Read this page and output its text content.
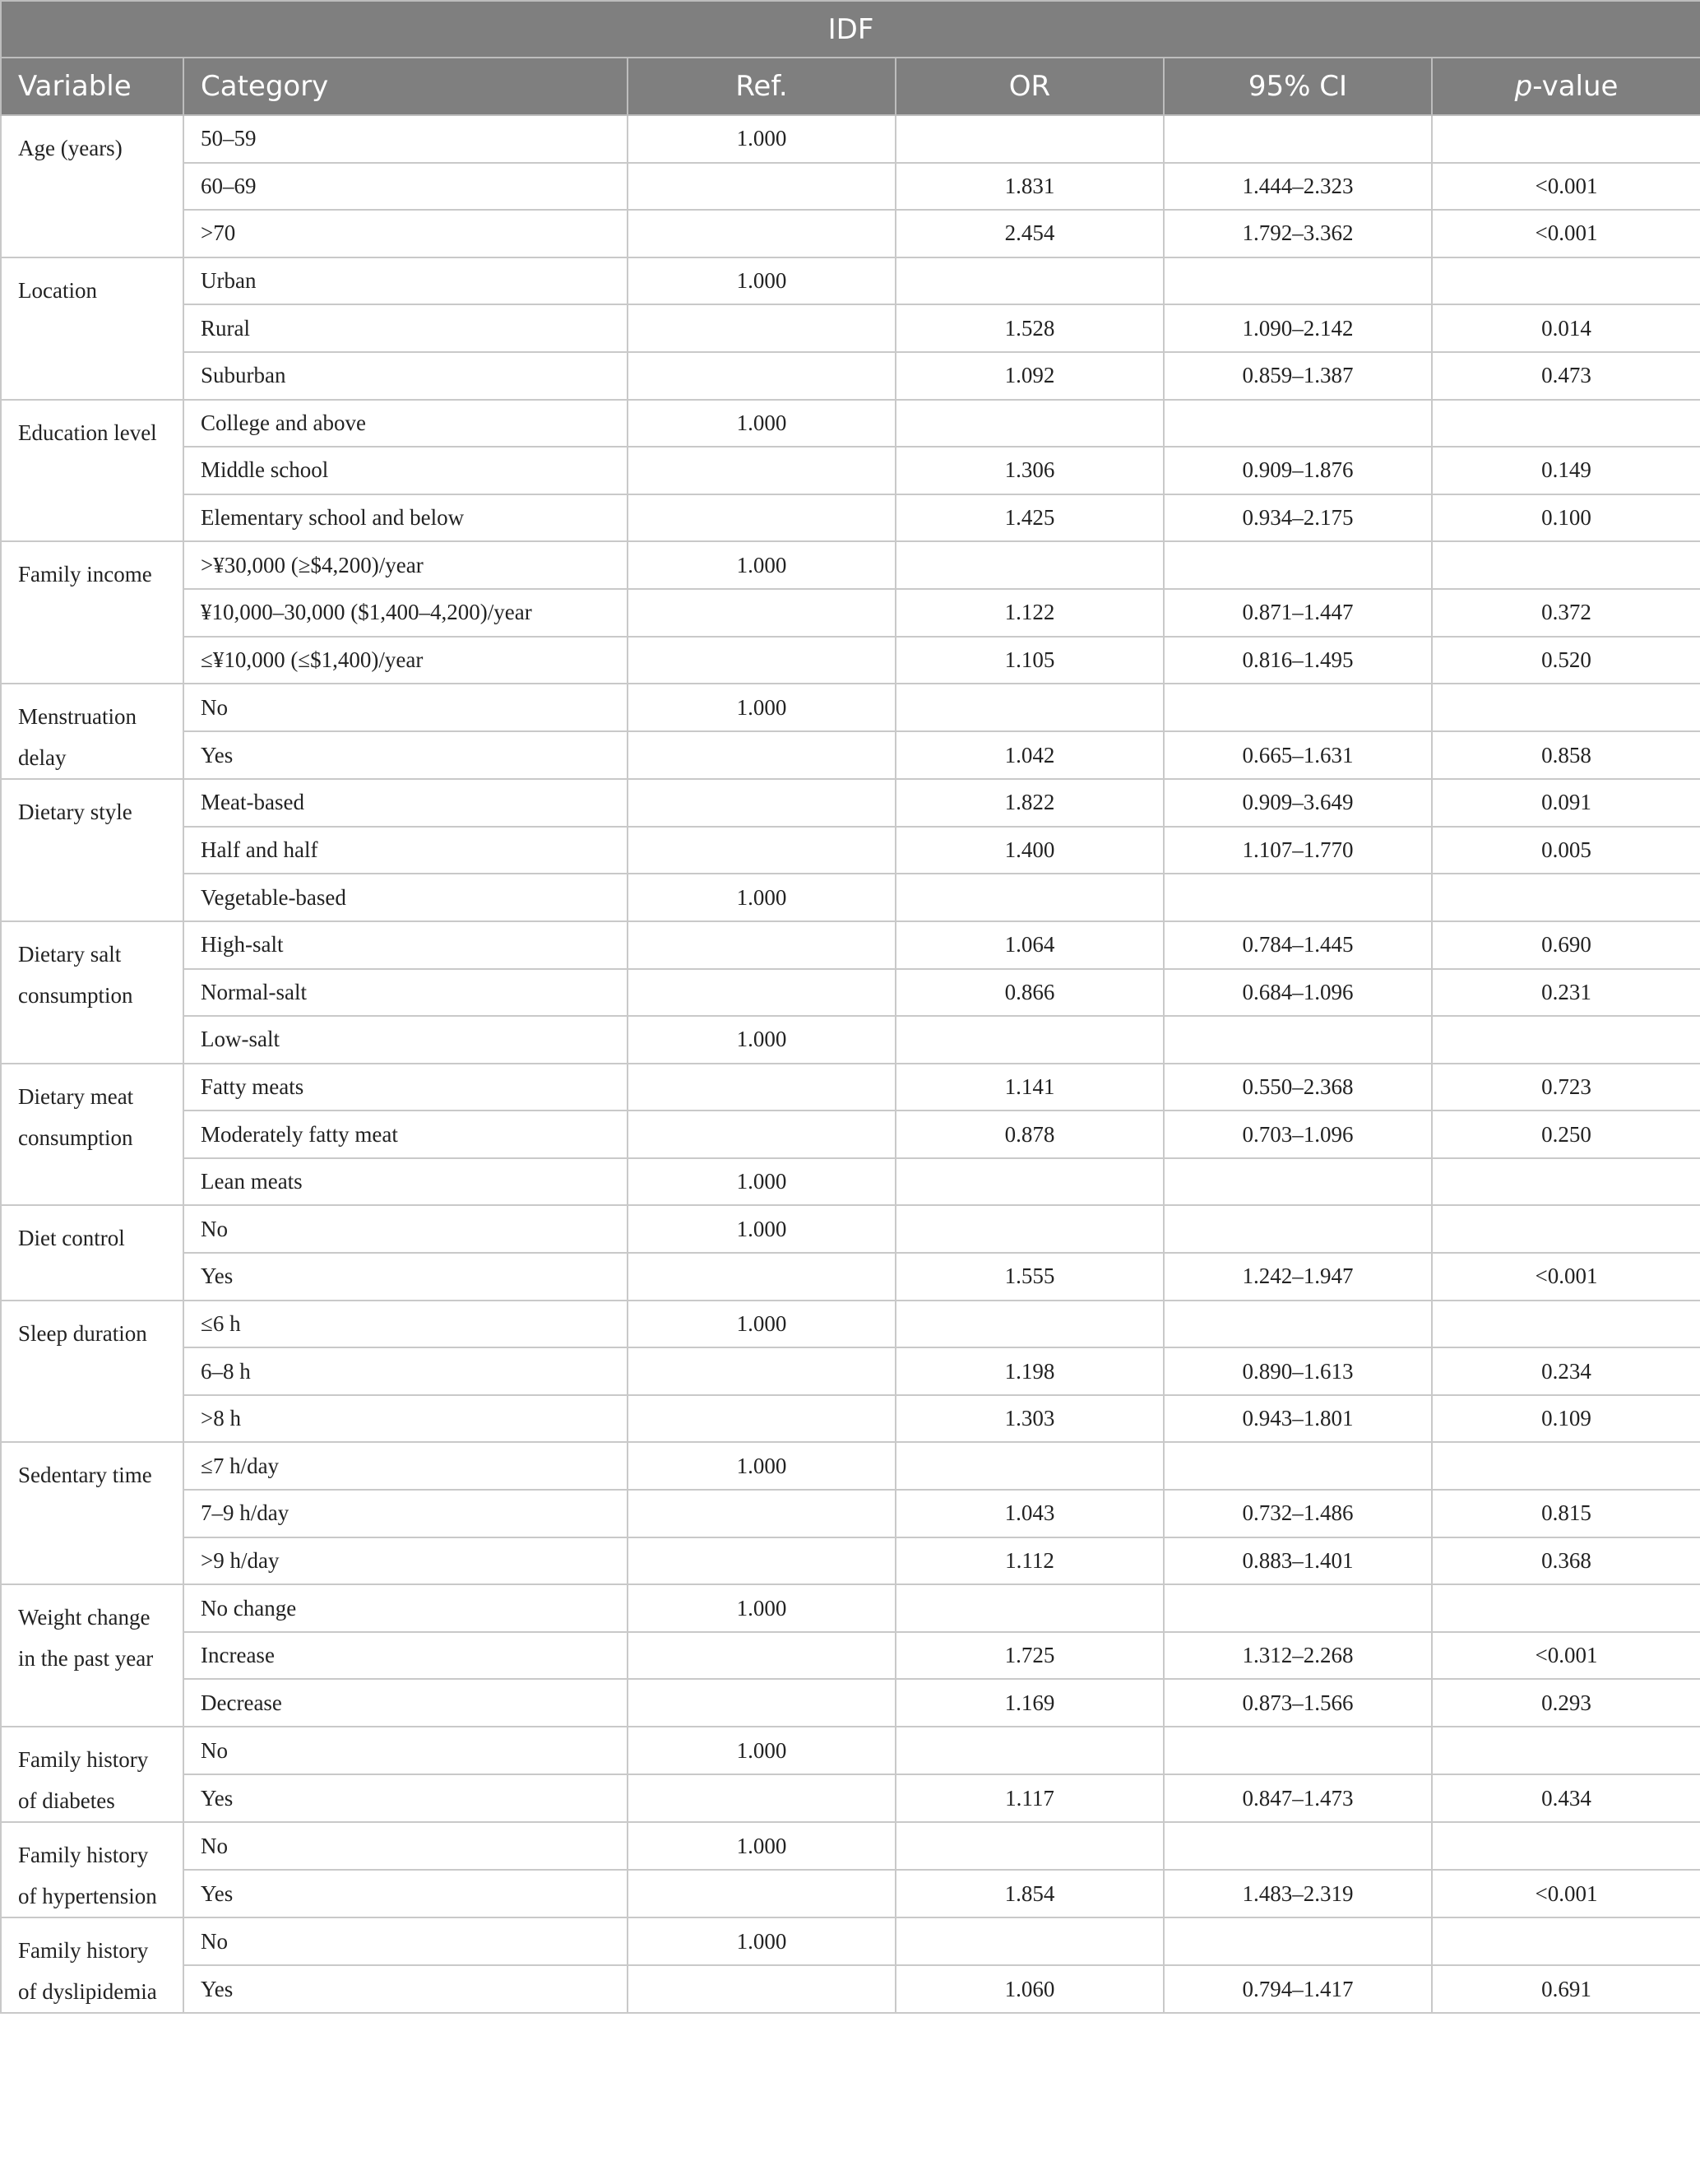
IDF					
Variable	Category	Ref.	OR	95% CI	p-value
Age (years)	50–59	1.000			
	60–69		1.831	1.444–2.323	<0.001
	>70		2.454	1.792–3.362	<0.001
Location	Urban	1.000			
	Rural		1.528	1.090–2.142	0.014
	Suburban		1.092	0.859–1.387	0.473
Education level	College and above	1.000			
	Middle school		1.306	0.909–1.876	0.149
	Elementary school and below		1.425	0.934–2.175	0.100
Family income	>¥30,000 (≥$4,200)/year	1.000			
	¥10,000–30,000 ($1,400–4,200)/year		1.122	0.871–1.447	0.372
	≤¥10,000 (≤$1,400)/year		1.105	0.816–1.495	0.520
Menstruation delay	No	1.000			
	Yes		1.042	0.665–1.631	0.858
Dietary style	Meat-based		1.822	0.909–3.649	0.091
	Half and half		1.400	1.107–1.770	0.005
	Vegetable-based	1.000			
Dietary salt consumption	High-salt		1.064	0.784–1.445	0.690
	Normal-salt		0.866	0.684–1.096	0.231
	Low-salt	1.000			
Dietary meat consumption	Fatty meats		1.141	0.550–2.368	0.723
	Moderately fatty meat		0.878	0.703–1.096	0.250
	Lean meats	1.000			
Diet control	No	1.000			
	Yes		1.555	1.242–1.947	<0.001
Sleep duration	≤6 h	1.000			
	6–8 h		1.198	0.890–1.613	0.234
	>8 h		1.303	0.943–1.801	0.109
Sedentary time	≤7 h/day	1.000			
	7–9 h/day		1.043	0.732–1.486	0.815
	>9 h/day		1.112	0.883–1.401	0.368
Weight change in the past year	No change	1.000			
	Increase		1.725	1.312–2.268	<0.001
	Decrease		1.169	0.873–1.566	0.293
Family history of diabetes	No	1.000			
	Yes		1.117	0.847–1.473	0.434
Family history of hypertension	No	1.000			
	Yes		1.854	1.483–2.319	<0.001
Family history of dyslipidemia	No	1.000			
	Yes		1.060	0.794–1.417	0.691
